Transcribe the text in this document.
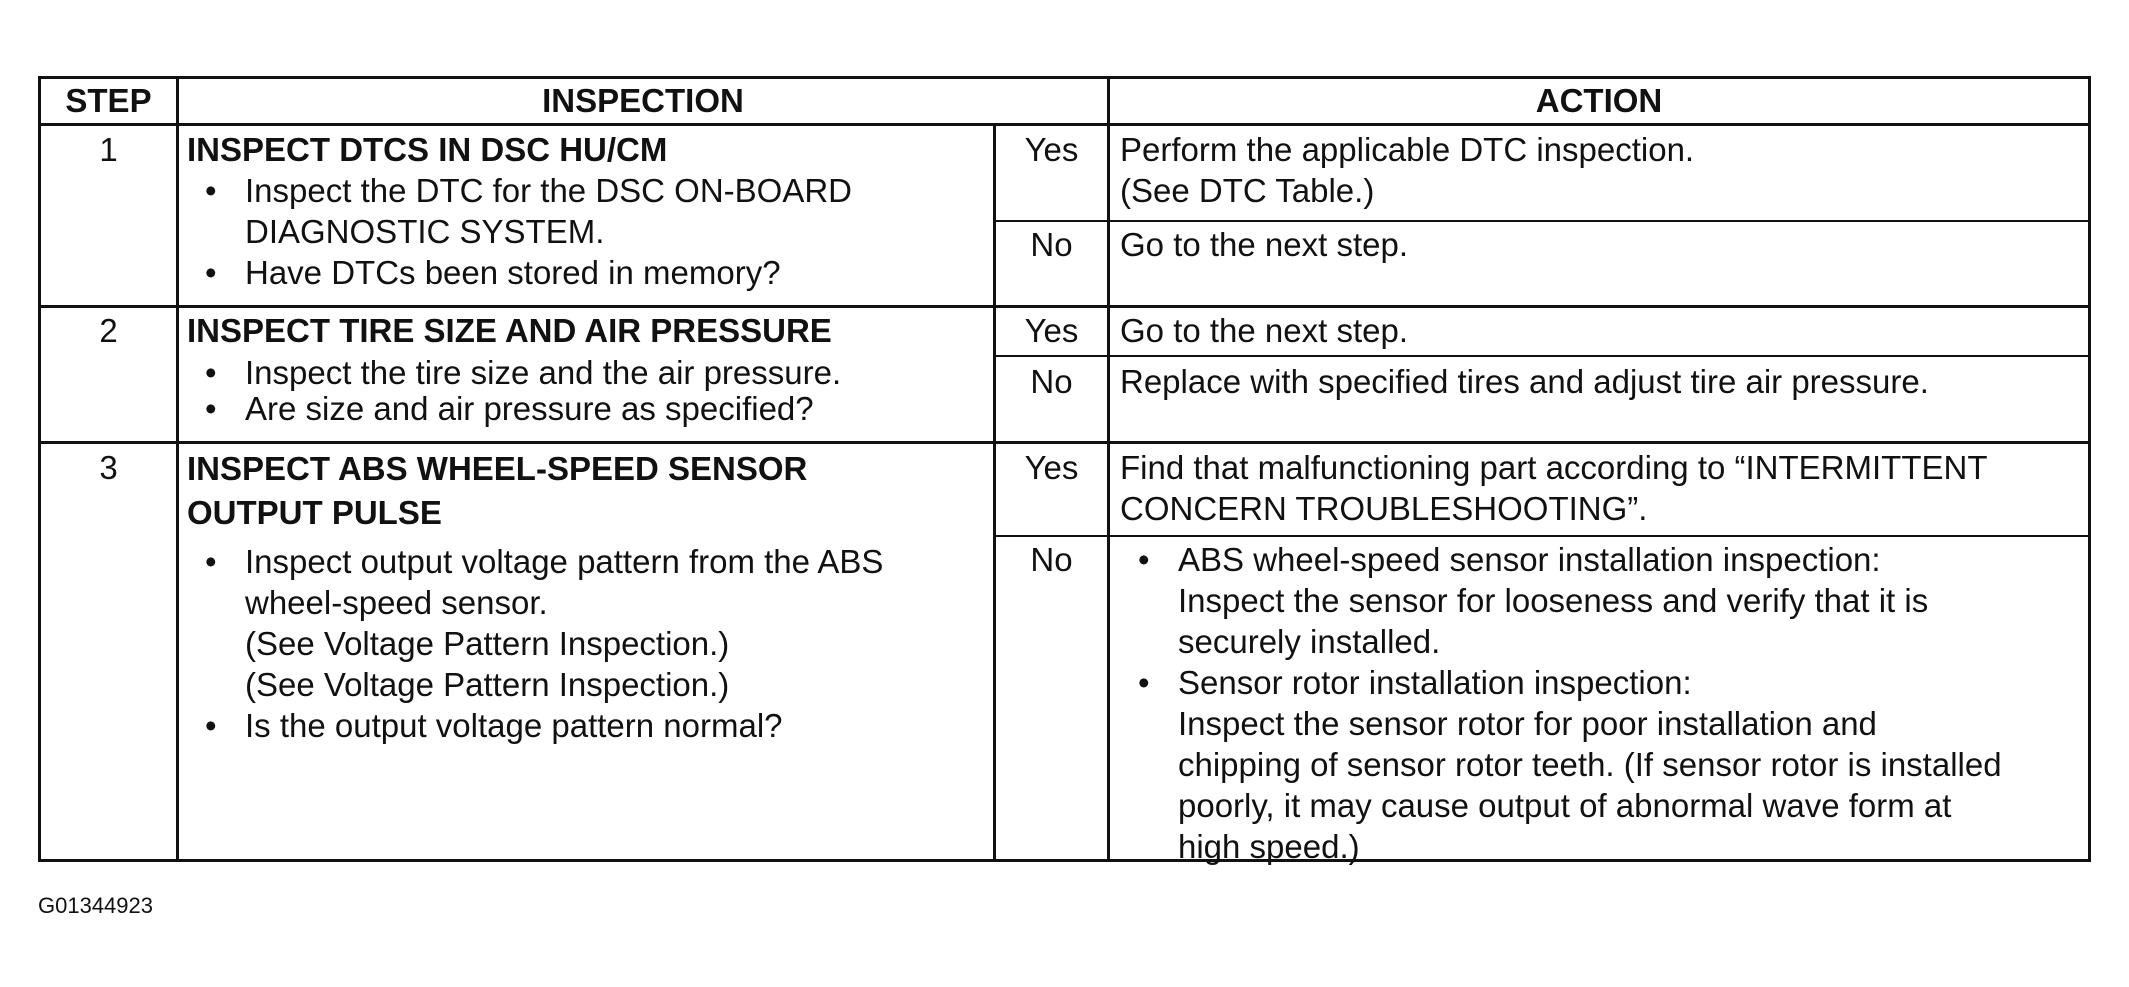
STEP	INSPECTION	ACTION
1	INSPECT DTCS IN DSC HU/CM
• Inspect the DTC for the DSC ON-BOARD
DIAGNOSTIC SYSTEM.
• Have DTCs been stored in memory?
Yes	Perform the applicable DTC inspection.
(See DTC Table.)
No	Go to the next step.
2	INSPECT TIRE SIZE AND AIR PRESSURE
• Inspect the tire size and the air pressure.
• Are size and air pressure as specified?
Yes	Go to the next step.
No	Replace with specified tires and adjust tire air pressure.
3	INSPECT ABS WHEEL-SPEED SENSOR
OUTPUT PULSE
• Inspect output voltage pattern from the ABS
wheel-speed sensor.
(See Voltage Pattern Inspection.)
(See Voltage Pattern Inspection.)
• Is the output voltage pattern normal?
Yes	Find that malfunctioning part according to “INTERMITTENT
CONCERN TROUBLESHOOTING”.
No	• ABS wheel-speed sensor installation inspection:
Inspect the sensor for looseness and verify that it is
securely installed.
• Sensor rotor installation inspection:
Inspect the sensor rotor for poor installation and
chipping of sensor rotor teeth. (If sensor rotor is installed
poorly, it may cause output of abnormal wave form at
high speed.)
G01344923
